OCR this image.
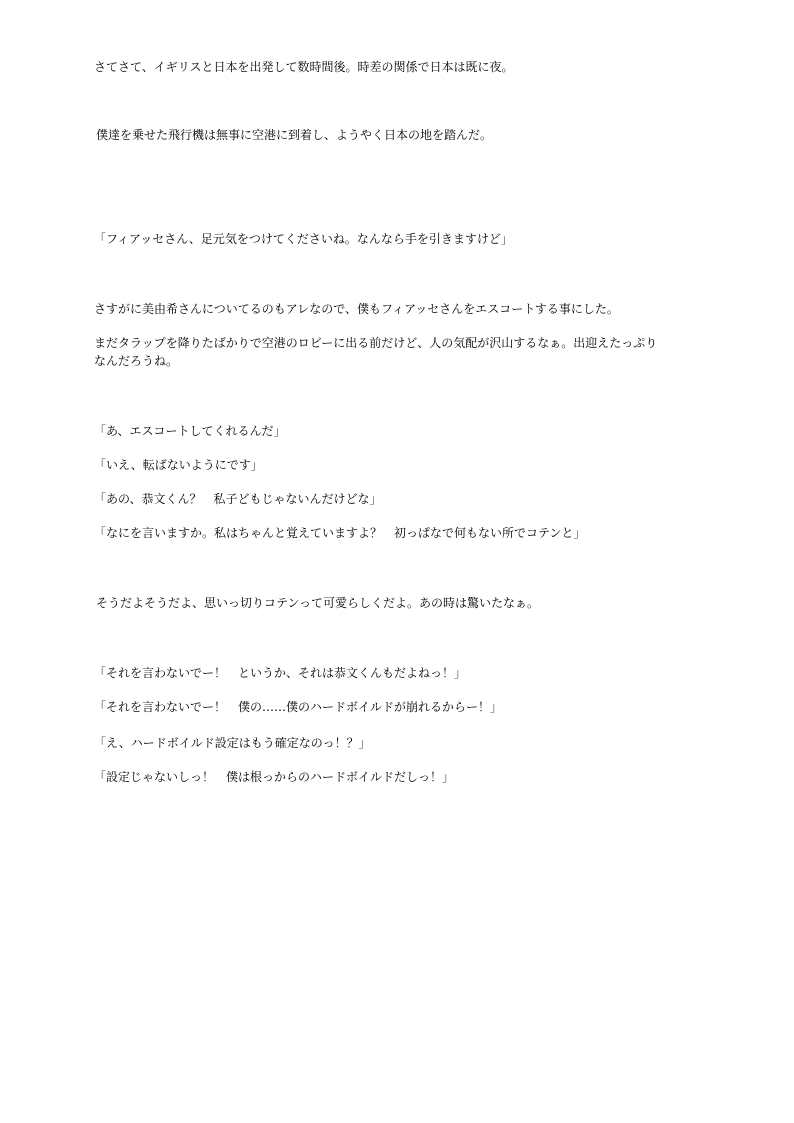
さてさて、イギリスと日本を出発して数時間後。時差の関係で日本は既に夜。
僕達を乗せた飛行機は無事に空港に到着し、ようやく日本の地を踏んだ。
「フィアッセさん、足元気をつけてくださいね。なんなら手を引きますけど」
さすがに美由希さんについてるのもアレなので、僕もフィアッセさんをエスコートする事にした。
まだタラップを降りたばかりで空港のロビーに出る前だけど、人の気配が沢山するなぁ。出迎えたっぷりなんだろうね。
「あ、エスコートしてくれるんだ」
「いえ、転ばないようにです」
「あの、恭文くん？　私子どもじゃないんだけどな」
「なにを言いますか。私はちゃんと覚えていますよ？　初っぱなで何もない所でコテンと」
そうだよそうだよ、思いっ切りコテンって可愛らしくだよ。あの時は驚いたなぁ。
「それを言わないでー！　というか、それは恭文くんもだよねっ！」
「それを言わないでー！　僕の……僕のハードボイルドが崩れるからー！」
「え、ハードボイルド設定はもう確定なのっ！？」
「設定じゃないしっ！　僕は根っからのハードボイルドだしっ！」
